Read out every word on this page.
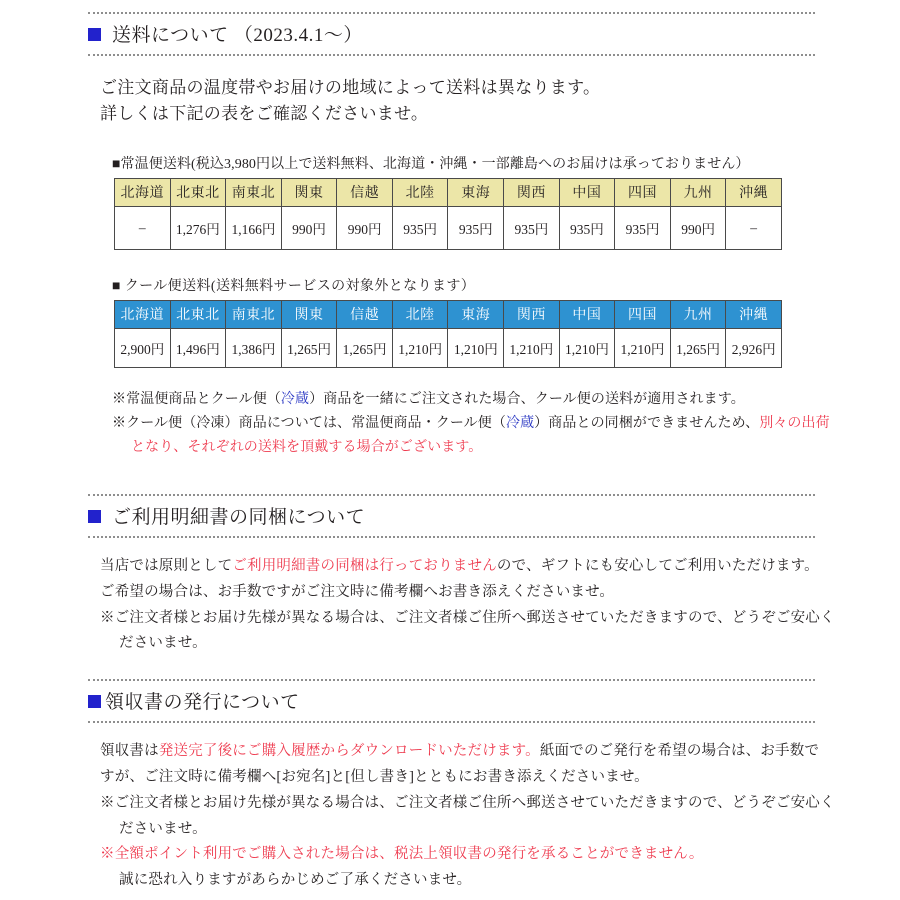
送料について （2023.4.1～）
ご注文商品の温度帯やお届けの地域によって送料は異なります。
詳しくは下記の表をご確認くださいませ。
■常温便送料(税込3,980円以上で送料無料、北海道・沖縄・一部離島へのお届けは承っておりません）
北海道	北東北	南東北	関東	信越	北陸	東海	関西	中国	四国	九州	沖縄
–	1,276円	1,166円	990円	990円	935円	935円	935円	935円	935円	990円	–
■ クール便送料(送料無料サービスの対象外となります）
北海道	北東北	南東北	関東	信越	北陸	東海	関西	中国	四国	九州	沖縄
2,900円	1,496円	1,386円	1,265円	1,265円	1,210円	1,210円	1,210円	1,210円	1,210円	1,265円	2,926円
※常温便商品とクール便（冷蔵）商品を一緒にご注文された場合、クール便の送料が適用されます。
※クール便（冷凍）商品については、常温便商品・クール便（冷蔵）商品との同梱ができませんため、別々の出荷
となり、それぞれの送料を頂戴する場合がございます。
ご利用明細書の同梱について
当店では原則としてご利用明細書の同梱は行っておりませんので、ギフトにも安心してご利用いただけます。
ご希望の場合は、お手数ですがご注文時に備考欄へお書き添えくださいませ。
※ご注文者様とお届け先様が異なる場合は、ご注文者様ご住所へ郵送させていただきますので、どうぞご安心く
ださいませ。
領収書の発行について
領収書は発送完了後にご購入履歴からダウンロードいただけます。紙面でのご発行を希望の場合は、お手数で
すが、ご注文時に備考欄へ[お宛名]と[但し書き]とともにお書き添えくださいませ。
※ご注文者様とお届け先様が異なる場合は、ご注文者様ご住所へ郵送させていただきますので、どうぞご安心く
ださいませ。
※全額ポイント利用でご購入された場合は、税法上領収書の発行を承ることができません。
誠に恐れ入りますがあらかじめご了承くださいませ。
